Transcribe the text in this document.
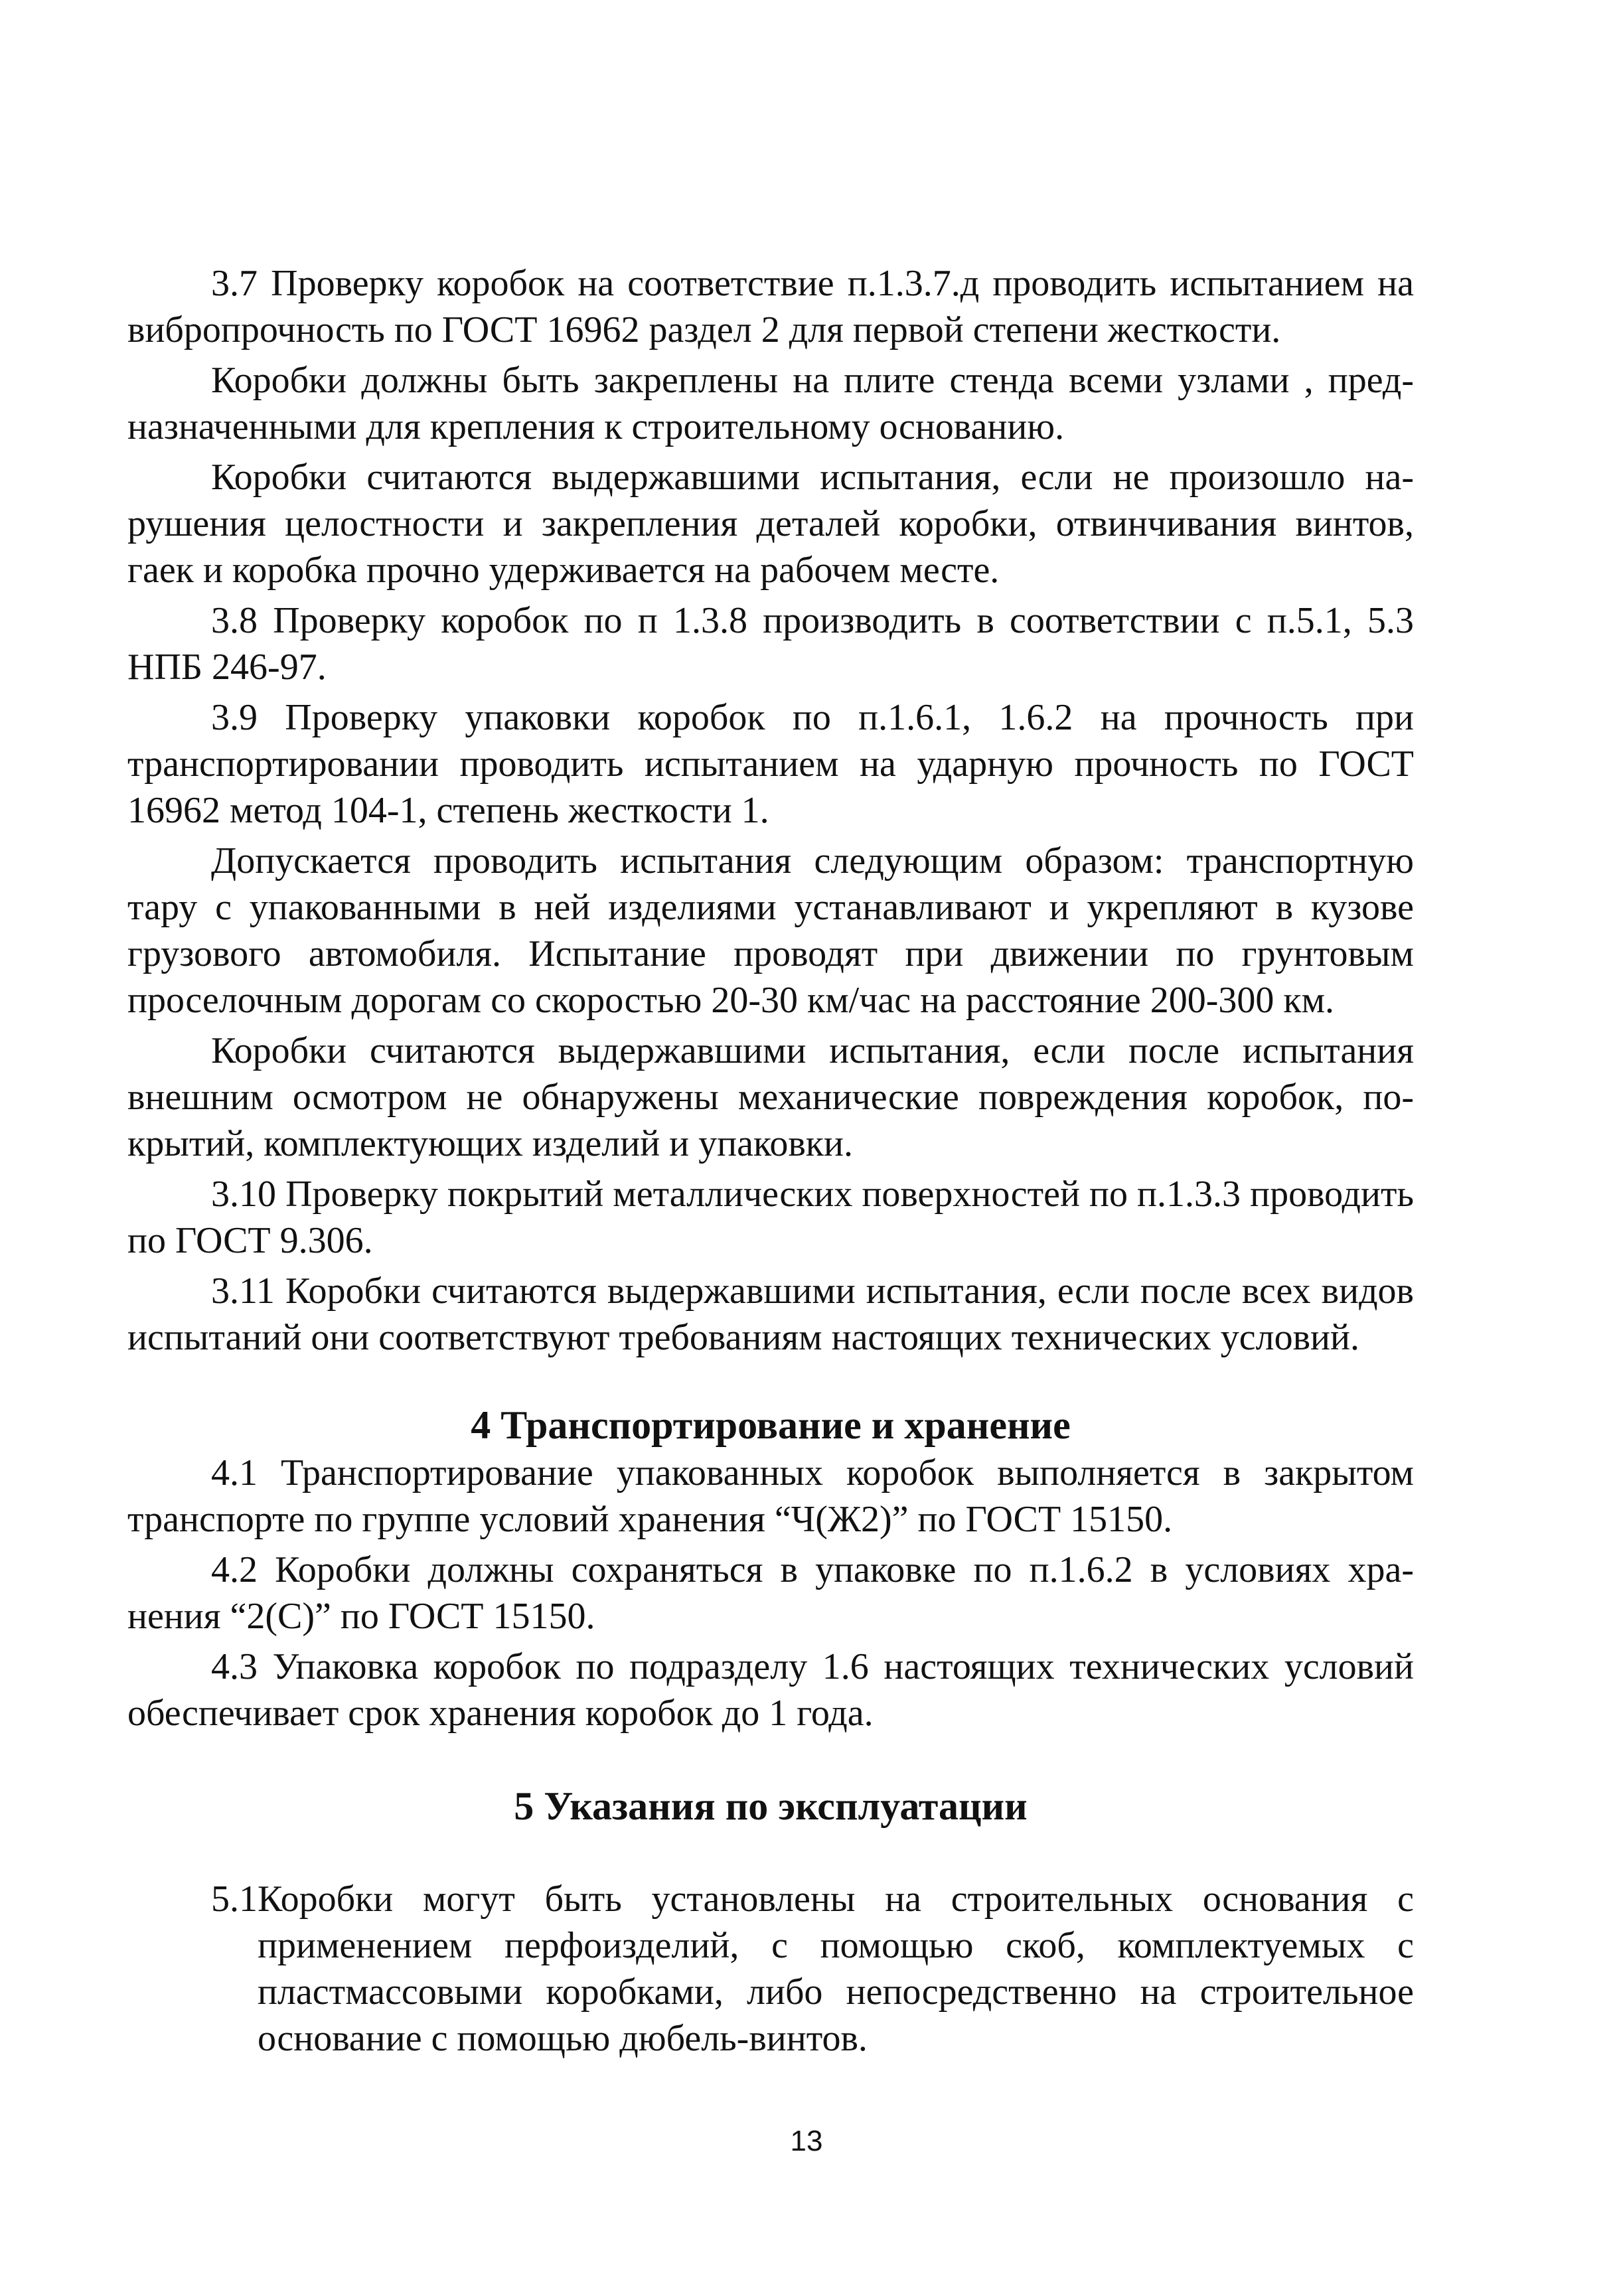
3.7 Проверку коробок на соответствие п.1.3.7.д проводить испытанием на вибропрочность по ГОСТ 16962 раздел 2 для первой степени жесткости.

Коробки должны быть закреплены на плите стенда всеми узлами , предназначенными для крепления к строительному основанию.

Коробки считаются выдержавшими испытания, если не произошло нарушения целостности и закрепления деталей коробки, отвинчивания винтов, гаек и коробка прочно удерживается на рабочем месте.

3.8 Проверку коробок по п 1.3.8 производить в соответствии с п.5.1, 5.3 НПБ 246-97.

3.9 Проверку упаковки коробок по п.1.6.1, 1.6.2 на прочность при транспортировании проводить испытанием на ударную прочность по ГОСТ 16962 метод 104-1, степень жесткости 1.

Допускается проводить испытания следующим образом: транспортную тару с упакованными в ней изделиями устанавливают и укрепляют в кузове грузового автомобиля. Испытание проводят при движении по грунтовым проселочным дорогам со скоростью 20-30 км/час на расстояние 200-300 км.

Коробки считаются выдержавшими испытания, если после испытания внешним осмотром не обнаружены механические повреждения коробок, покрытий, комплектующих изделий и упаковки.

3.10 Проверку покрытий металлических поверхностей по п.1.3.3 проводить по ГОСТ 9.306.

3.11 Коробки считаются выдержавшими испытания, если после всех видов испытаний они соответствуют требованиям настоящих технических условий.

4 Транспортирование и хранение

4.1 Транспортирование упакованных коробок выполняется в закрытом транспорте по группе условий хранения “Ч(Ж2)” по ГОСТ 15150.

4.2 Коробки должны сохраняться в упаковке по п.1.6.2 в условиях хранения “2(С)” по ГОСТ 15150.

4.3 Упаковка коробок по подразделу 1.6 настоящих технических условий обеспечивает срок хранения коробок до 1 года.

5 Указания по эксплуатации
5.1 Коробки могут быть установлены на строительных основания с применением перфоизделий, с помощью скоб, комплектуемых с пластмассовыми коробками, либо непосредственно на строительное основание с помощью дюбель-винтов.

13
